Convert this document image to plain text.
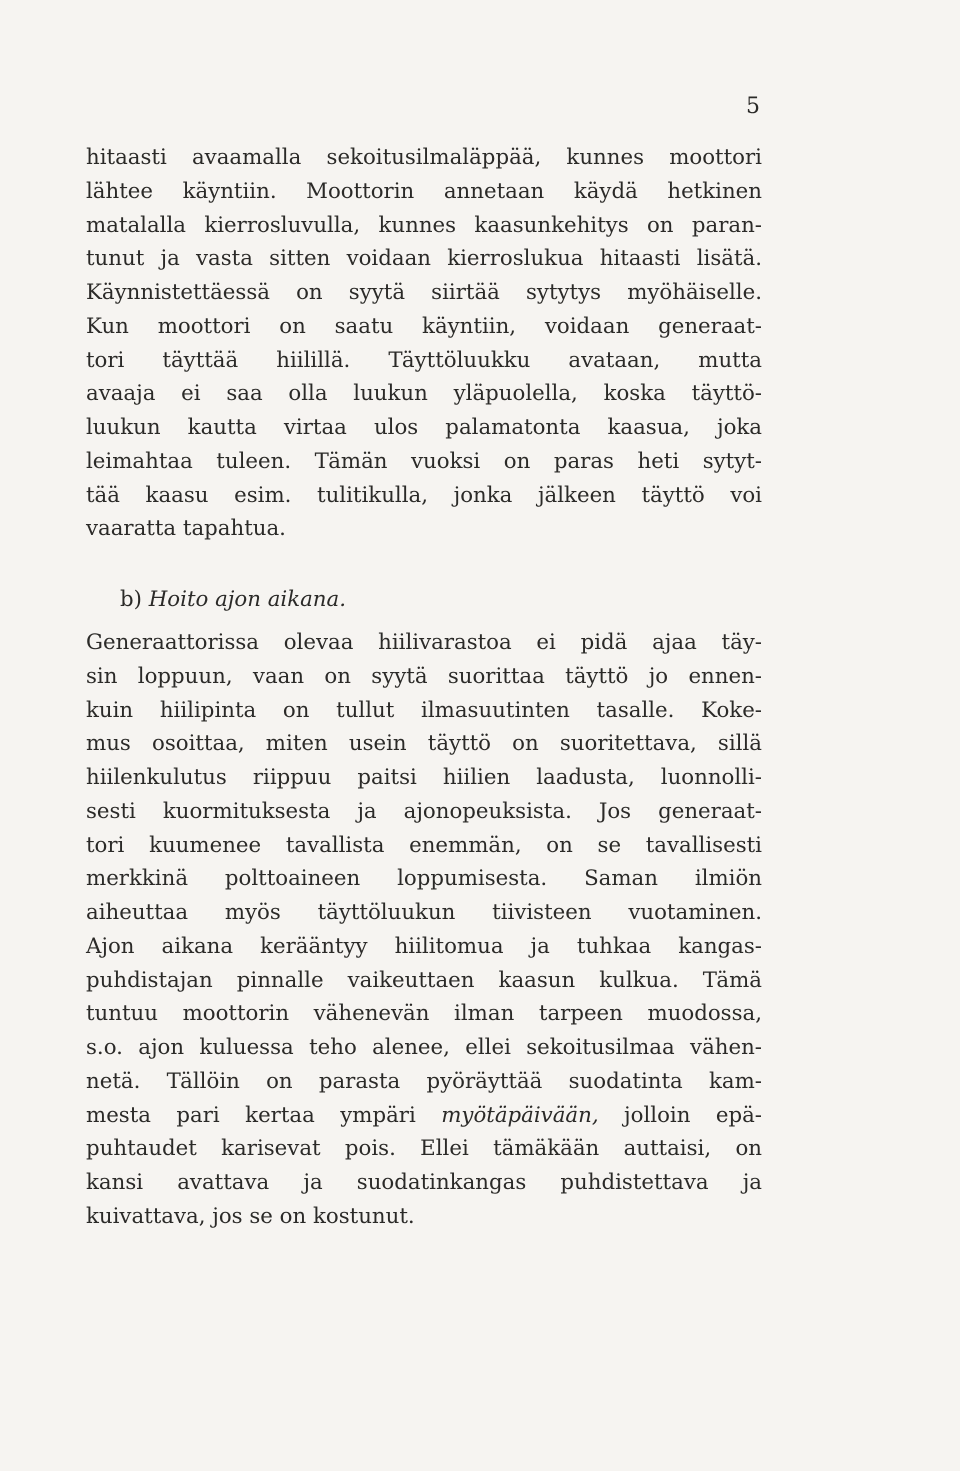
5
hitaasti avaamalla sekoitusilmaläppää, kunnes moottori
lähtee käyntiin. Moottorin annetaan käydä hetkinen
matalalla kierrosluvulla, kunnes kaasunkehitys on paran-
tunut ja vasta sitten voidaan kierroslukua hitaasti lisätä.
Käynnistettäessä on syytä siirtää sytytys myöhäiselle.
Kun moottori on saatu käyntiin, voidaan generaat-
tori täyttää hiilillä. Täyttöluukku avataan, mutta
avaaja ei saa olla luukun yläpuolella, koska täyttö-
luukun kautta virtaa ulos palamatonta kaasua, joka
leimahtaa tuleen. Tämän vuoksi on paras heti sytyt-
tää kaasu esim. tulitikulla, jonka jälkeen täyttö voi
vaaratta tapahtua.
b) Hoito ajon aikana.
Generaattorissa olevaa hiilivarastoa ei pidä ajaa täy-
sin loppuun, vaan on syytä suorittaa täyttö jo ennen-
kuin hiilipinta on tullut ilmasuutinten tasalle. Koke-
mus osoittaa, miten usein täyttö on suoritettava, sillä
hiilenkulutus riippuu paitsi hiilien laadusta, luonnolli-
sesti kuormituksesta ja ajonopeuksista. Jos generaat-
tori kuumenee tavallista enemmän, on se tavallisesti
merkkinä polttoaineen loppumisesta. Saman ilmiön
aiheuttaa myös täyttöluukun tiivisteen vuotaminen.
Ajon aikana kerääntyy hiilitomua ja tuhkaa kangas-
puhdistajan pinnalle vaikeuttaen kaasun kulkua. Tämä
tuntuu moottorin vähenevän ilman tarpeen muodossa,
s.o. ajon kuluessa teho alenee, ellei sekoitusilmaa vähen-
netä. Tällöin on parasta pyöräyttää suodatinta kam-
mesta pari kertaa ympäri myötäpäivään, jolloin epä-
puhtaudet karisevat pois. Ellei tämäkään auttaisi, on
kansi avattava ja suodatinkangas puhdistettava ja
kuivattava, jos se on kostunut.
